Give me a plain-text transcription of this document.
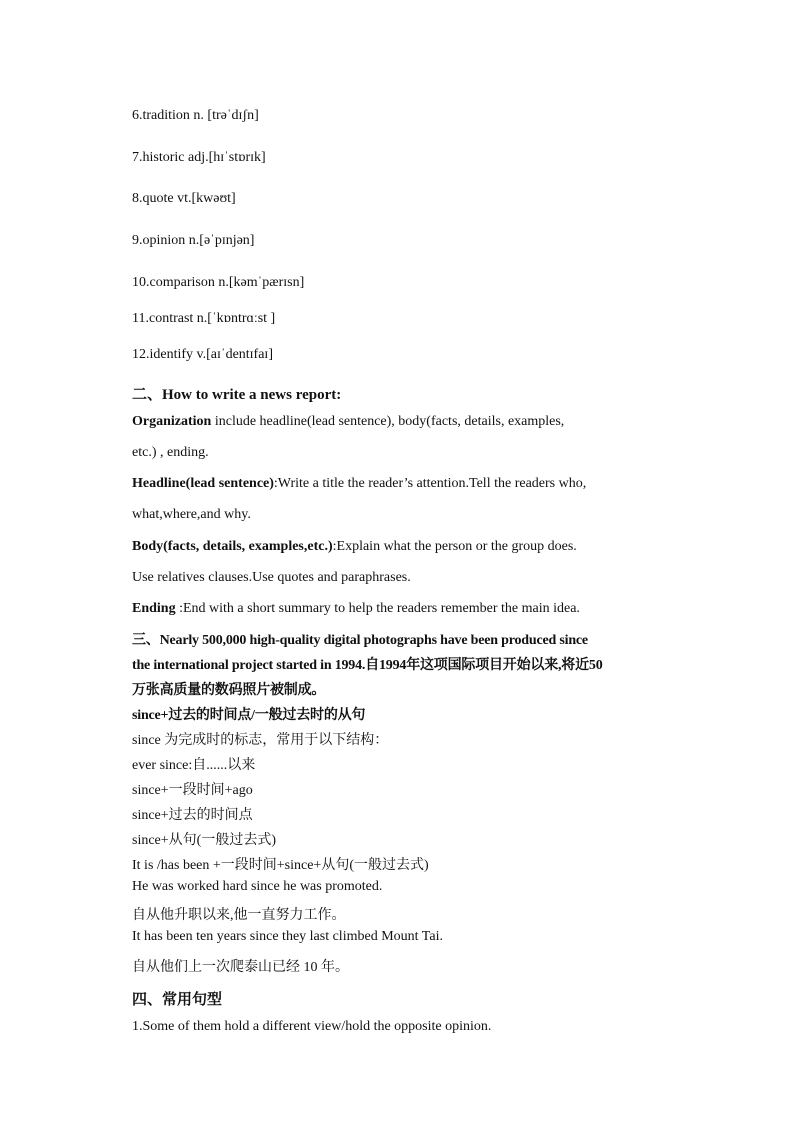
6.tradition n. [trəˈdɪʃn]
7.historic adj.[hɪˈstɒrɪk]
8.quote vt.[kwəʊt]
9.opinion n.[əˈpɪnjən]
10.comparison n.[kəmˈpærɪsn]
11.contrast n.[ˈkɒntrɑːst ]
12.identify v.[aɪˈdentɪfaɪ]
二、How to write a news report:
Organization include headline(lead sentence), body(facts, details, examples,
etc.) , ending.
Headline(lead sentence):Write a title the reader’s attention.Tell the readers who,
what,where,and why.
Body(facts, details, examples,etc.):Explain what the person or the group does.
Use relatives clauses.Use quotes and paraphrases.
Ending :End with a short summary to help the readers remember the main idea.
三、Nearly 500,000 high-quality digital photographs have been produced since
the international project started in 1994.自1994年这项国际项目开始以来,将近50
万张高质量的数码照片被制成。
since+过去的时间点/一般过去时的从句
since 为完成时的标志，常用于以下结构：
ever since:自......以来
since+一段时间+ago
since+过去的时间点
since+从句(一般过去式)
It is /has been +一段时间+since+从句(一般过去式)
He was worked hard since he was promoted.
自从他升职以来,他一直努力工作。
It has been ten years since they last climbed Mount Tai.
自从他们上一次爬泰山已经 10 年。
四、常用句型
1.Some of them hold a different view/hold the opposite opinion.
